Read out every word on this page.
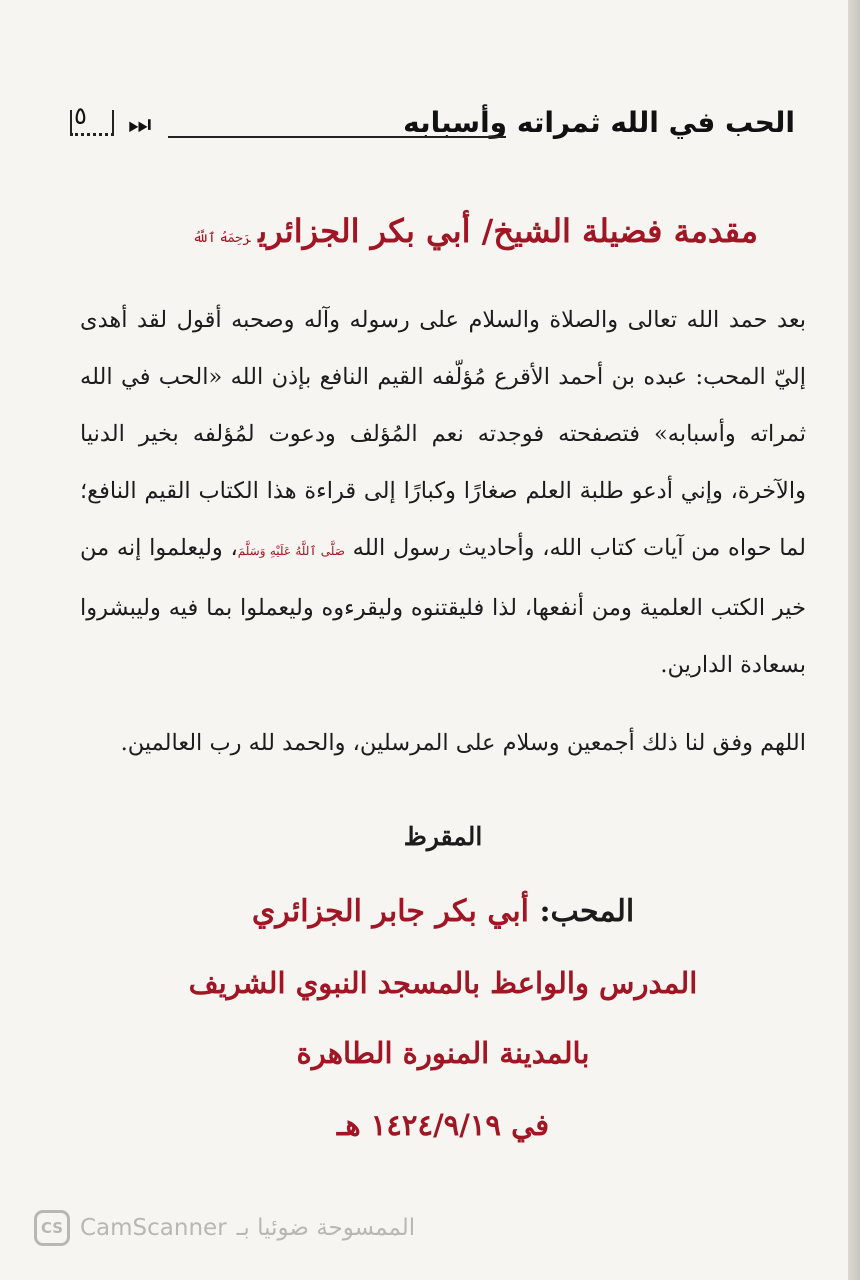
الحب في الله ثمراته وأسبابه
⏭
٥
مقدمة فضيلة الشيخ/ أبي بكر الجزائريرَحِمَهُ ٱللَّهُ

بعد حمد الله تعالى والصلاة والسلام على رسوله وآله وصحبه أقول لقد أهدى إليّ المحب: عبده بن أحمد الأقرع مُؤلّفه القيم النافع بإذن الله «الحب في الله ثمراته وأسبابه» فتصفحته فوجدته نعم المُؤلف ودعوت لمُؤلفه بخير الدنيا والآخرة، وإني أدعو طلبة العلم صغارًا وكبارًا إلى قراءة هذا الكتاب القيم النافع؛ لما حواه من آيات كتاب الله، وأحاديث رسول الله صَلَّى ٱللَّهُ عَلَيْهِ وَسَلَّمَ، وليعلموا إنه من خير الكتب العلمية ومن أنفعها، لذا فليقتنوه وليقرءوه وليعملوا بما فيه وليبشروا بسعادة الدارين.

اللهم وفق لنا ذلك أجمعين وسلام على المرسلين، والحمد لله رب العالمين.

المقرظ
المحب: أبي بكر جابر الجزائري
المدرس والواعظ بالمسجد النبوي الشريف
بالمدينة المنورة الطاهرة
في ١٤٢٤/٩/١٩ هـ
CS CamScanner الممسوحة ضوئيا بـ
